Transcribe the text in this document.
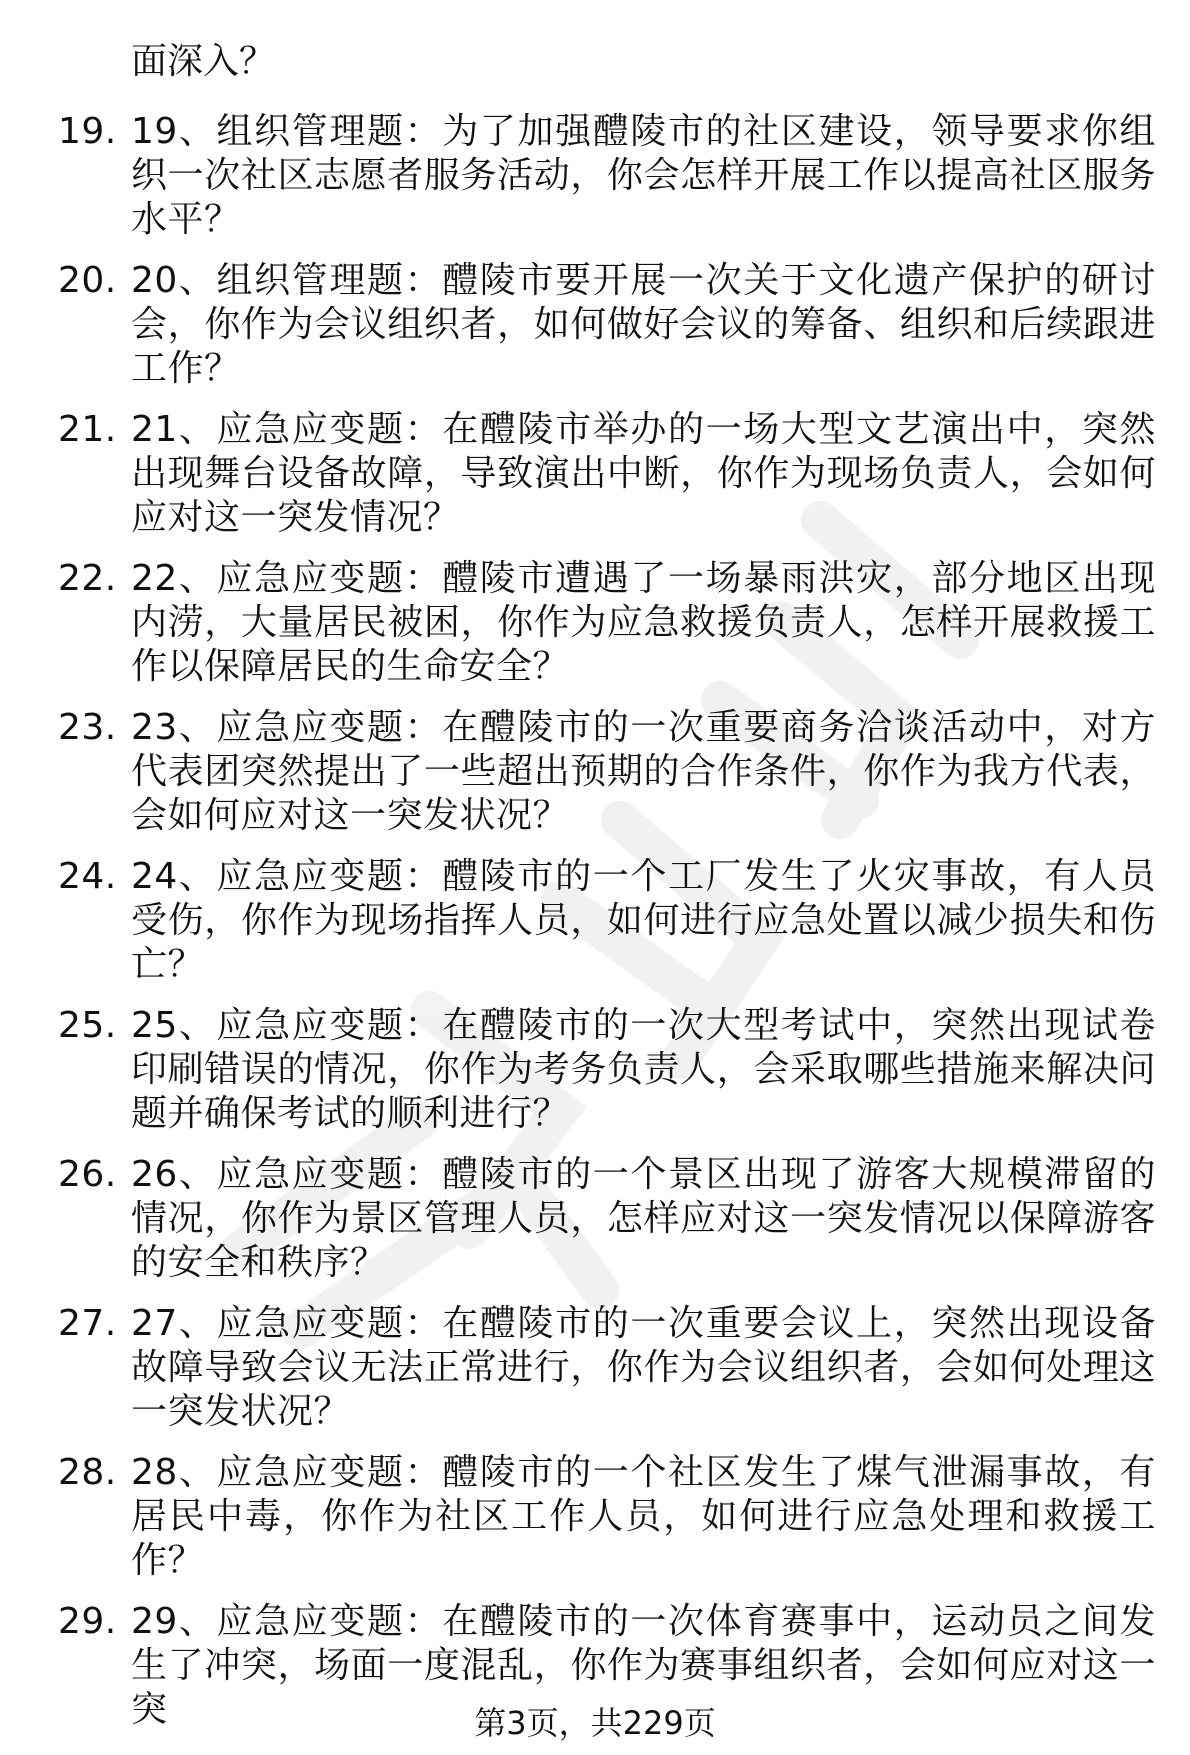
面深入？
19. 19、组织管理题：为了加强醴陵市的社区建设，领导要求你组织一次社区志愿者服务活动，你会怎样开展工作以提高社区服务水平？
20. 20、组织管理题：醴陵市要开展一次关于文化遗产保护的研讨会，你作为会议组织者，如何做好会议的筹备、组织和后续跟进工作？
21. 21、应急应变题：在醴陵市举办的一场大型文艺演出中，突然出现舞台设备故障，导致演出中断，你作为现场负责人，会如何应对这一突发情况？
22. 22、应急应变题：醴陵市遭遇了一场暴雨洪灾，部分地区出现内涝，大量居民被困，你作为应急救援负责人，怎样开展救援工作以保障居民的生命安全？
23. 23、应急应变题：在醴陵市的一次重要商务洽谈活动中，对方代表团突然提出了一些超出预期的合作条件，你作为我方代表，会如何应对这一突发状况？
24. 24、应急应变题：醴陵市的一个工厂发生了火灾事故，有人员受伤，你作为现场指挥人员，如何进行应急处置以减少损失和伤亡？
25. 25、应急应变题：在醴陵市的一次大型考试中，突然出现试卷印刷错误的情况，你作为考务负责人，会采取哪些措施来解决问题并确保考试的顺利进行？
26. 26、应急应变题：醴陵市的一个景区出现了游客大规模滞留的情况，你作为景区管理人员，怎样应对这一突发情况以保障游客的安全和秩序？
27. 27、应急应变题：在醴陵市的一次重要会议上，突然出现设备故障导致会议无法正常进行，你作为会议组织者，会如何处理这一突发状况？
28. 28、应急应变题：醴陵市的一个社区发生了煤气泄漏事故，有居民中毒，你作为社区工作人员，如何进行应急处理和救援工作？
29. 29、应急应变题：在醴陵市的一次体育赛事中，运动员之间发生了冲突，场面一度混乱，你作为赛事组织者，会如何应对这一突	第3页，共229页
